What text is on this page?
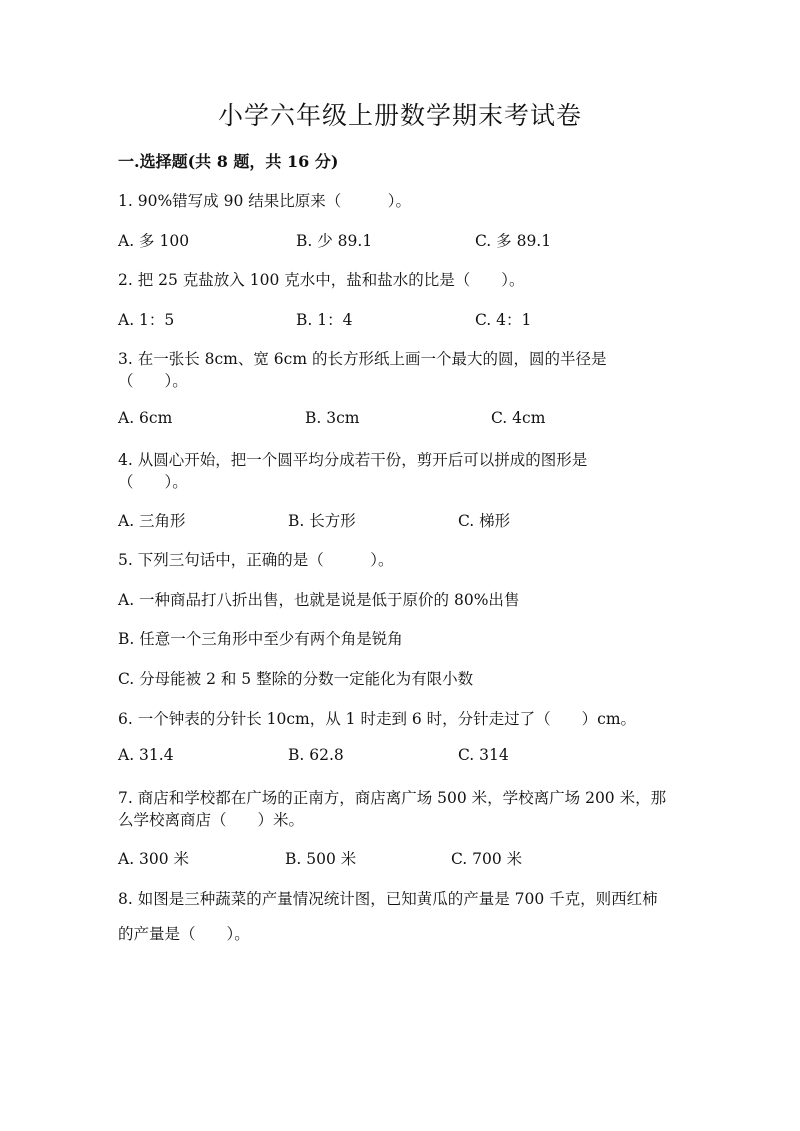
小学六年级上册数学期末考试卷
一.选择题(共 8 题，共 16 分)
1. 90%错写成 90 结果比原来（　　　）。
A. 多 100	B. 少 89.1	C. 多 89.1
2. 把 25 克盐放入 100 克水中，盐和盐水的比是（　　）。
A. 1：5	B. 1：4	C. 4：1
3. 在一张长 8cm、宽 6cm 的长方形纸上画一个最大的圆，圆的半径是
（　　）。
A. 6cm	B. 3cm	C. 4cm
4. 从圆心开始，把一个圆平均分成若干份，剪开后可以拼成的图形是
（　　）。
A. 三角形	B. 长方形	C. 梯形
5. 下列三句话中，正确的是（　　　）。
A. 一种商品打八折出售，也就是说是低于原价的 80%出售
B. 任意一个三角形中至少有两个角是锐角
C. 分母能被 2 和 5 整除的分数一定能化为有限小数
6. 一个钟表的分针长 10cm，从 1 时走到 6 时，分针走过了（　　）cm。
A. 31.4	B. 62.8	C. 314
7. 商店和学校都在广场的正南方，商店离广场 500 米，学校离广场 200 米，那
么学校离商店（　　）米。
A. 300 米	B. 500 米	C. 700 米
8. 如图是三种蔬菜的产量情况统计图，已知黄瓜的产量是 700 千克，则西红柿
的产量是（　　）。
